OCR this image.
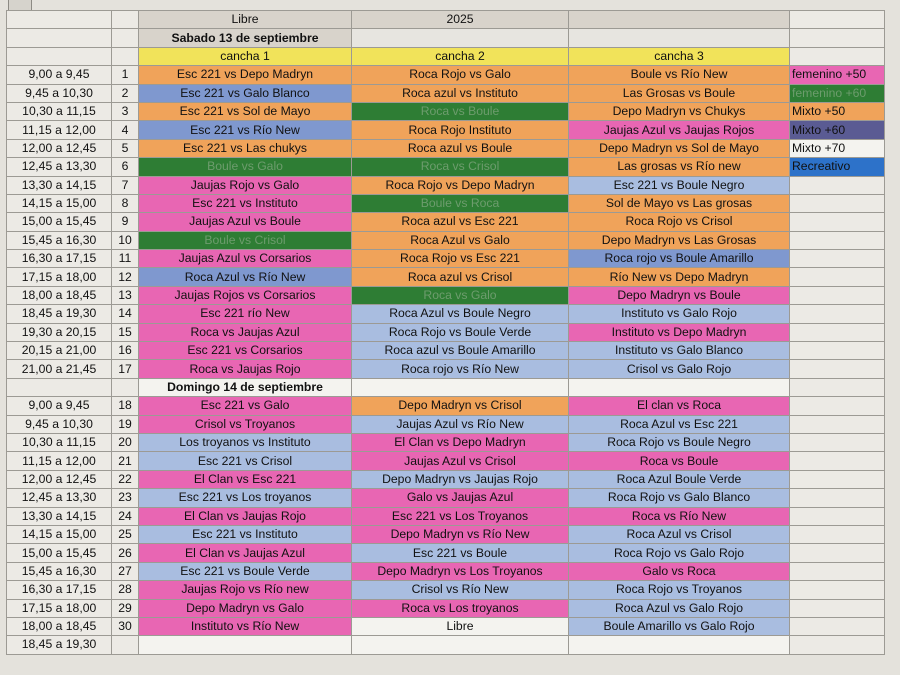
		Libre	2025		
		Sabado 13 de septiembre			
		cancha 1	cancha 2	cancha 3	
9,00 a 9,45	1	Esc 221 vs Depo Madryn	Roca Rojo vs Galo	Boule vs Río New	femenino +50
9,45 a 10,30	2	Esc 221 vs Galo Blanco	Roca azul vs Instituto	Las Grosas vs Boule	femenino +60
10,30 a 11,15	3	Esc 221 vs Sol de Mayo	Roca vs Boule	Depo Madryn vs Chukys	Mixto +50
11,15 a 12,00	4	Esc 221 vs Río New	Roca Rojo Instituto	Jaujas Azul vs Jaujas Rojos	Mixto +60
12,00 a 12,45	5	Esc 221 vs Las chukys	Roca azul vs Boule	Depo Madryn vs Sol de Mayo	Mixto +70
12,45 a 13,30	6	Boule vs Galo	Roca vs Crisol	Las grosas vs Río new	Recreativo
13,30 a 14,15	7	Jaujas Rojo vs Galo	Roca Rojo vs Depo Madryn	Esc 221 vs Boule Negro	
14,15 a 15,00	8	Esc 221 vs Instituto	Boule vs Roca	Sol de Mayo vs Las grosas	
15,00 a 15,45	9	Jaujas Azul vs Boule	Roca azul vs Esc 221	Roca Rojo vs Crisol	
15,45 a 16,30	10	Boule vs Crisol	Roca Azul vs Galo	Depo Madryn vs Las Grosas	
16,30 a 17,15	11	Jaujas Azul vs Corsarios	Roca Rojo vs Esc 221	Roca rojo vs Boule Amarillo	
17,15 a 18,00	12	Roca Azul vs Río New	Roca azul vs Crisol	Río New vs Depo Madryn	
18,00 a 18,45	13	Jaujas Rojos vs Corsarios	Roca vs Galo	Depo Madryn vs Boule	
18,45 a 19,30	14	Esc 221 río New	Roca Azul vs Boule Negro	Instituto vs Galo Rojo	
19,30 a 20,15	15	Roca vs Jaujas Azul	Roca Rojo vs Boule Verde	Instituto vs Depo Madryn	
20,15 a 21,00	16	Esc 221 vs Corsarios	Roca azul vs Boule Amarillo	Instituto vs Galo Blanco	
21,00 a 21,45	17	Roca vs Jaujas Rojo	Roca rojo vs Río New	Crisol vs Galo Rojo	
		Domingo 14 de septiembre			
9,00 a 9,45	18	Esc 221 vs Galo	Depo Madryn vs Crisol	El clan vs Roca	
9,45 a 10,30	19	Crisol vs Troyanos	Jaujas Azul vs Río New	Roca Azul vs Esc 221	
10,30 a 11,15	20	Los troyanos vs Instituto	El Clan vs Depo Madryn	Roca Rojo vs Boule Negro	
11,15 a 12,00	21	Esc 221 vs Crisol	Jaujas Azul vs Crisol	Roca vs Boule	
12,00 a 12,45	22	El Clan vs Esc 221	Depo Madryn vs Jaujas Rojo	Roca Azul Boule Verde	
12,45 a 13,30	23	Esc 221 vs Los troyanos	Galo vs Jaujas Azul	Roca Rojo vs Galo Blanco	
13,30 a 14,15	24	El Clan vs Jaujas Rojo	Esc 221 vs Los Troyanos	Roca vs Río New	
14,15 a 15,00	25	Esc 221 vs Instituto	Depo Madryn vs Río New	Roca Azul vs Crisol	
15,00 a 15,45	26	El Clan vs Jaujas Azul	Esc 221 vs Boule	Roca Rojo vs Galo Rojo	
15,45 a 16,30	27	Esc 221 vs Boule Verde	Depo Madryn vs Los Troyanos	Galo vs Roca	
16,30 a 17,15	28	Jaujas Rojo vs Río new	Crisol vs Río New	Roca Rojo vs Troyanos	
17,15 a 18,00	29	Depo Madryn vs Galo	Roca vs Los troyanos	Roca Azul vs Galo Rojo	
18,00 a 18,45	30	Instituto vs Río New	Libre	Boule Amarillo vs Galo Rojo	
18,45 a 19,30					
